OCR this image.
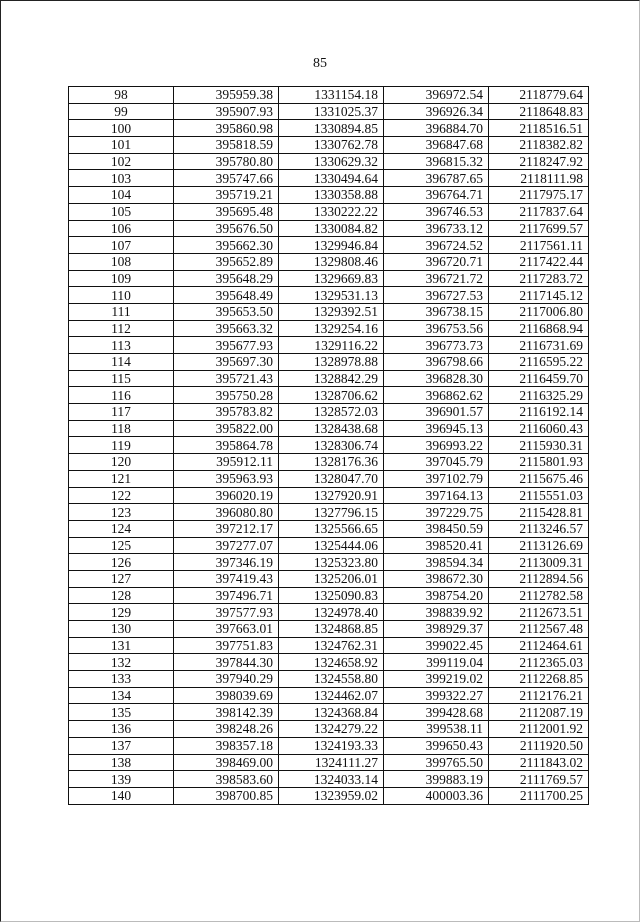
85
98	395959.38	1331154.18	396972.54	2118779.64
99	395907.93	1331025.37	396926.34	2118648.83
100	395860.98	1330894.85	396884.70	2118516.51
101	395818.59	1330762.78	396847.68	2118382.82
102	395780.80	1330629.32	396815.32	2118247.92
103	395747.66	1330494.64	396787.65	2118111.98
104	395719.21	1330358.88	396764.71	2117975.17
105	395695.48	1330222.22	396746.53	2117837.64
106	395676.50	1330084.82	396733.12	2117699.57
107	395662.30	1329946.84	396724.52	2117561.11
108	395652.89	1329808.46	396720.71	2117422.44
109	395648.29	1329669.83	396721.72	2117283.72
110	395648.49	1329531.13	396727.53	2117145.12
111	395653.50	1329392.51	396738.15	2117006.80
112	395663.32	1329254.16	396753.56	2116868.94
113	395677.93	1329116.22	396773.73	2116731.69
114	395697.30	1328978.88	396798.66	2116595.22
115	395721.43	1328842.29	396828.30	2116459.70
116	395750.28	1328706.62	396862.62	2116325.29
117	395783.82	1328572.03	396901.57	2116192.14
118	395822.00	1328438.68	396945.13	2116060.43
119	395864.78	1328306.74	396993.22	2115930.31
120	395912.11	1328176.36	397045.79	2115801.93
121	395963.93	1328047.70	397102.79	2115675.46
122	396020.19	1327920.91	397164.13	2115551.03
123	396080.80	1327796.15	397229.75	2115428.81
124	397212.17	1325566.65	398450.59	2113246.57
125	397277.07	1325444.06	398520.41	2113126.69
126	397346.19	1325323.80	398594.34	2113009.31
127	397419.43	1325206.01	398672.30	2112894.56
128	397496.71	1325090.83	398754.20	2112782.58
129	397577.93	1324978.40	398839.92	2112673.51
130	397663.01	1324868.85	398929.37	2112567.48
131	397751.83	1324762.31	399022.45	2112464.61
132	397844.30	1324658.92	399119.04	2112365.03
133	397940.29	1324558.80	399219.02	2112268.85
134	398039.69	1324462.07	399322.27	2112176.21
135	398142.39	1324368.84	399428.68	2112087.19
136	398248.26	1324279.22	399538.11	2112001.92
137	398357.18	1324193.33	399650.43	2111920.50
138	398469.00	1324111.27	399765.50	2111843.02
139	398583.60	1324033.14	399883.19	2111769.57
140	398700.85	1323959.02	400003.36	2111700.25
